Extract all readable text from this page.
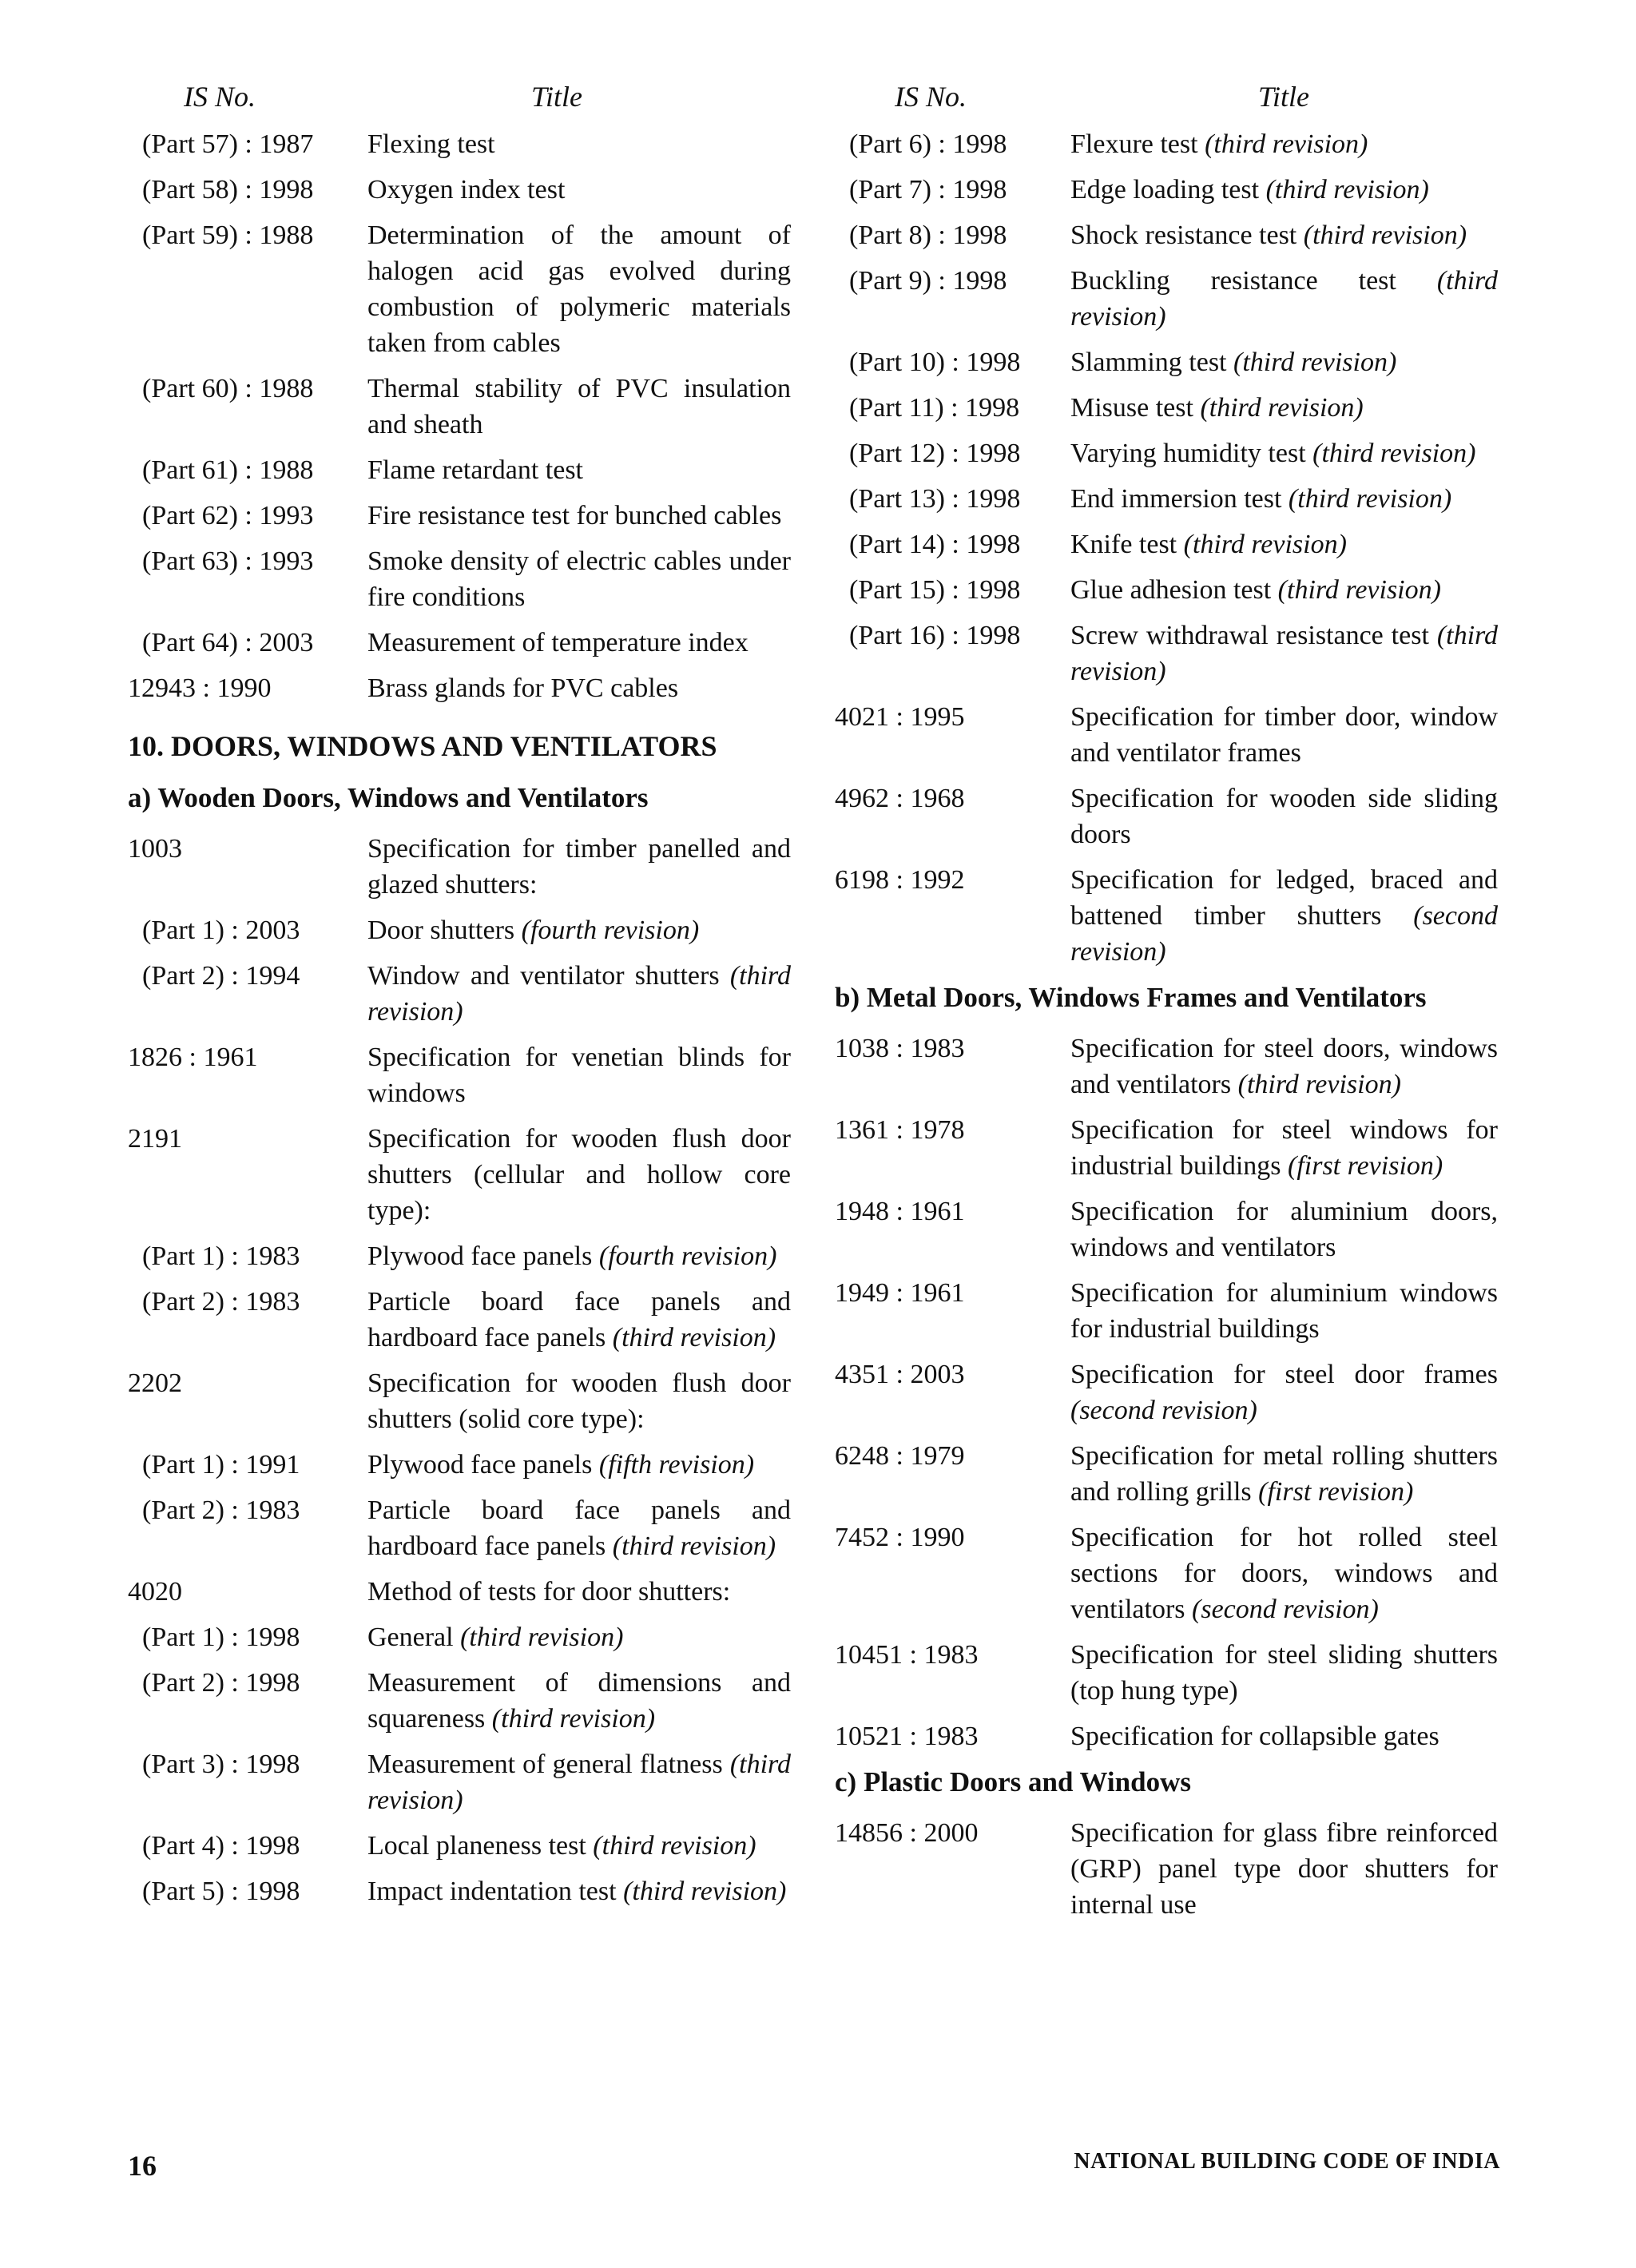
IS No.	Title
(Part 57) : 1987	Flexing test
(Part 58) : 1998	Oxygen index test
(Part 59) : 1988	Determination of the amount of halogen acid gas evolved during combustion of polymeric materials taken from cables
(Part 60) : 1988	Thermal stability of PVC insulation and sheath
(Part 61) : 1988	Flame retardant test
(Part 62) : 1993	Fire resistance test for bunched cables
(Part 63) : 1993	Smoke density of electric cables under fire conditions
(Part 64) : 2003	Measurement of temperature index
12943 : 1990	Brass glands for PVC cables
10. DOORS, WINDOWS AND VENTILATORS
a) Wooden Doors, Windows and Ventilators
1003	Specification for timber panelled and glazed shutters:
(Part 1) : 2003	Door shutters (fourth revision)
(Part 2) : 1994	Window and ventilator shutters (third revision)
1826 : 1961	Specification for venetian blinds for windows
2191	Specification for wooden flush door shutters (cellular and hollow core type):
(Part 1) : 1983	Plywood face panels (fourth revision)
(Part 2) : 1983	Particle board face panels and hardboard face panels (third revision)
2202	Specification for wooden flush door shutters (solid core type):
(Part 1) : 1991	Plywood face panels (fifth revision)
(Part 2) : 1983	Particle board face panels and hardboard face panels (third revision)
4020	Method of tests for door shutters:
(Part 1) : 1998	General (third revision)
(Part 2) : 1998	Measurement of dimensions and squareness (third revision)
(Part 3) : 1998	Measurement of general flatness (third revision)
(Part 4) : 1998	Local planeness test (third revision)
(Part 5) : 1998	Impact indentation test (third revision)
IS No.	Title
(Part 6) : 1998	Flexure test (third revision)
(Part 7) : 1998	Edge loading test (third revision)
(Part 8) : 1998	Shock resistance test (third revision)
(Part 9) : 1998	Buckling resistance test (third revision)
(Part 10) : 1998	Slamming test (third revision)
(Part 11) : 1998	Misuse test (third revision)
(Part 12) : 1998	Varying humidity test (third revision)
(Part 13) : 1998	End immersion test (third revision)
(Part 14) : 1998	Knife test (third revision)
(Part 15) : 1998	Glue adhesion test (third revision)
(Part 16) : 1998	Screw withdrawal resistance test (third revision)
4021 : 1995	Specification for timber door, window and ventilator frames
4962 : 1968	Specification for wooden side sliding doors
6198 : 1992	Specification for ledged, braced and battened timber shutters (second revision)
b) Metal Doors, Windows Frames and Ventilators
1038 : 1983	Specification for steel doors, windows and ventilators (third revision)
1361 : 1978	Specification for steel windows for industrial buildings (first revision)
1948 : 1961	Specification for aluminium doors, windows and ventilators
1949 : 1961	Specification for aluminium windows for industrial buildings
4351 : 2003	Specification for steel door frames (second revision)
6248 : 1979	Specification for metal rolling shutters and rolling grills (first revision)
7452 : 1990	Specification for hot rolled steel sections for doors, windows and ventilators (second revision)
10451 : 1983	Specification for steel sliding shutters (top hung type)
10521 : 1983	Specification for collapsible gates
c) Plastic Doors and Windows
14856 : 2000	Specification for glass fibre reinforced (GRP) panel type door shutters for internal use
16	NATIONAL BUILDING CODE OF INDIA
